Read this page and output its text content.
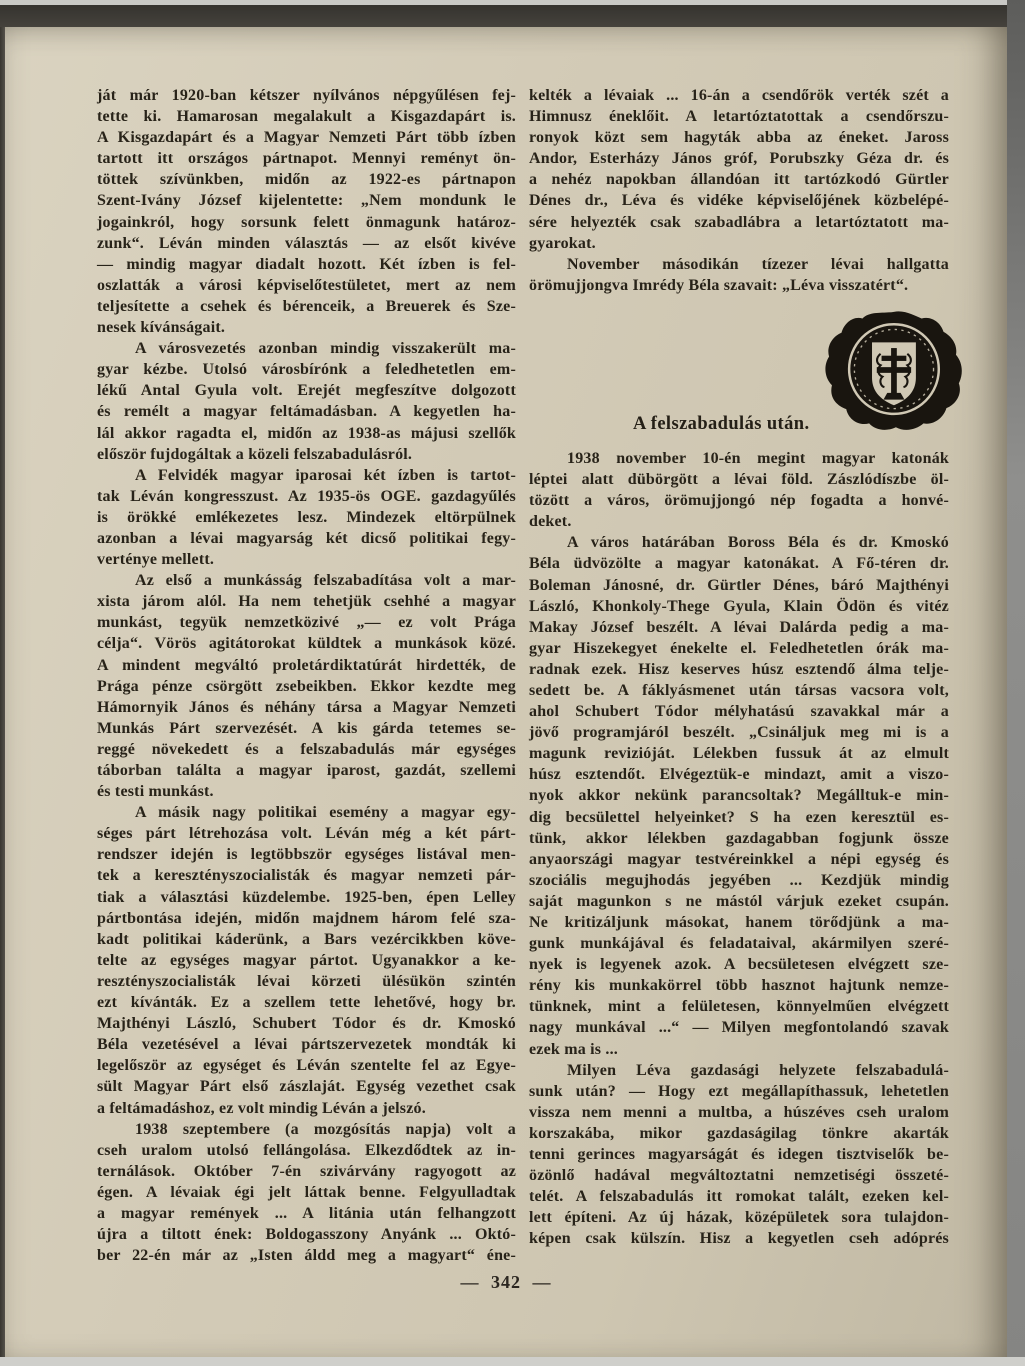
ját már 1920-ban kétszer nyílvános népgyűlésen fej-
tette ki. Hamarosan megalakult a Kisgazdapárt is.
A Kisgazdapárt és a Magyar Nemzeti Párt több ízben
tartott itt országos pártnapot. Mennyi reményt ön-
töttek szívünkben, midőn az 1922-es pártnapon
Szent-Ivány József kijelentette: „Nem mondunk le
jogainkról, hogy sorsunk felett önmagunk határoz-
zunk“. Léván minden választás — az elsőt kivéve
— mindig magyar diadalt hozott. Két ízben is fel-
oszlatták a városi képviselőtestületet, mert az nem
teljesítette a csehek és bérenceik, a Breuerek és Sze-
nesek kívánságait.
A városvezetés azonban mindig visszakerült ma-
gyar kézbe. Utolsó városbírónk a feledhetetlen em-
lékű Antal Gyula volt. Erejét megfeszítve dolgozott
és remélt a magyar feltámadásban. A kegyetlen ha-
lál akkor ragadta el, midőn az 1938-as májusi szellők
először fujdogáltak a közeli felszabadulásról.
A Felvidék magyar iparosai két ízben is tartot-
tak Léván kongresszust. Az 1935-ös OGE. gazdagyűlés
is örökké emlékezetes lesz. Mindezek eltörpülnek
azonban a lévai magyarság két dicső politikai fegy-
verténye mellett.
Az első a munkásság felszabadítása volt a mar-
xista járom alól. Ha nem tehetjük csehhé a magyar
munkást, tegyük nemzetközivé „— ez volt Prága
célja“. Vörös agitátorokat küldtek a munkások közé.
A mindent megváltó proletárdiktatúrát hirdették, de
Prága pénze csörgött zsebeikben. Ekkor kezdte meg
Hámornyik János és néhány társa a Magyar Nemzeti
Munkás Párt szervezését. A kis gárda tetemes se-
reggé növekedett és a felszabadulás már egységes
táborban találta a magyar iparost, gazdát, szellemi
és testi munkást.
A másik nagy politikai esemény a magyar egy-
séges párt létrehozása volt. Léván még a két párt-
rendszer idején is legtöbbször egységes listával men-
tek a keresztényszocialisták és magyar nemzeti pár-
tiak a választási küzdelembe. 1925-ben, épen Lelley
pártbontása idején, midőn majdnem három felé sza-
kadt politikai káderünk, a Bars vezércikkben köve-
telte az egységes magyar pártot. Ugyanakkor a ke-
resztényszocialisták lévai körzeti ülésükön szintén
ezt kívánták. Ez a szellem tette lehetővé, hogy br.
Majthényi László, Schubert Tódor és dr. Kmoskó
Béla vezetésével a lévai pártszervezetek mondták ki
legelőször az egységet és Léván szentelte fel az Egye-
sült Magyar Párt első zászlaját. Egység vezethet csak
a feltámadáshoz, ez volt mindig Léván a jelszó.
1938 szeptembere (a mozgósítás napja) volt a
cseh uralom utolsó fellángolása. Elkezdődtek az in-
ternálások. Október 7-én szivárvány ragyogott az
égen. A lévaiak égi jelt láttak benne. Felgyulladtak
a magyar remények ... A litánia után felhangzott
újra a tiltott ének: Boldogasszony Anyánk ... Októ-
ber 22-én már az „Isten áldd meg a magyart“ éne-
kelték a lévaiak ... 16-án a csendőrök verték szét a
Himnusz éneklőit. A letartóztatottak a csendőrszu-
ronyok közt sem hagyták abba az éneket. Jaross
Andor, Esterházy János gróf, Porubszky Géza dr. és
a nehéz napokban állandóan itt tartózkodó Gürtler
Dénes dr., Léva és vidéke képviselőjének közbelépé-
sére helyezték csak szabadlábra a letartóztatott ma-
gyarokat.
November másodikán tízezer lévai hallgatta
örömujjongva Imrédy Béla szavait: „Léva visszatért“.
A felszabadulás után.
1938 november 10-én megint magyar katonák
léptei alatt dübörgött a lévai föld. Zászlódíszbe öl-
tözött a város, örömujjongó nép fogadta a honvé-
deket.
A város határában Boross Béla és dr. Kmoskó
Béla üdvözölte a magyar katonákat. A Fő-téren dr.
Boleman Jánosné, dr. Gürtler Dénes, báró Majthényi
László, Khonkoly-Thege Gyula, Klain Ödön és vitéz
Makay József beszélt. A lévai Dalárda pedig a ma-
gyar Hiszekegyet énekelte el. Feledhetetlen órák ma-
radnak ezek. Hisz keserves húsz esztendő álma telje-
sedett be. A fáklyásmenet után társas vacsora volt,
ahol Schubert Tódor mélyhatású szavakkal már a
jövő programjáról beszélt. „Csináljuk meg mi is a
magunk revizióját. Lélekben fussuk át az elmult
húsz esztendőt. Elvégeztük-e mindazt, amit a viszo-
nyok akkor nekünk parancsoltak? Megálltuk-e min-
dig becsülettel helyeinket? S ha ezen keresztül es-
tünk, akkor lélekben gazdagabban fogjunk össze
anyaországi magyar testvéreinkkel a népi egység és
szociális megujhodás jegyében ... Kezdjük mindig
saját magunkon s ne mástól várjuk ezeket csupán.
Ne kritizáljunk másokat, hanem törődjünk a ma-
gunk munkájával és feladataival, akármilyen szeré-
nyek is legyenek azok. A becsületesen elvégzett sze-
rény kis munkakörrel több hasznot hajtunk nemze-
tünknek, mint a felületesen, könnyelműen elvégzett
nagy munkával ...“ — Milyen megfontolandó szavak
ezek ma is ...
Milyen Léva gazdasági helyzete felszabadulá-
sunk után? — Hogy ezt megállapíthassuk, lehetetlen
vissza nem menni a multba, a húszéves cseh uralom
korszakába, mikor gazdaságilag tönkre akarták
tenni gerinces magyarságát és idegen tisztviselők be-
özönlő hadával megváltoztatni nemzetiségi összeté-
telét. A felszabadulás itt romokat talált, ezeken kel-
lett építeni. Az új házak, középületek sora tulajdon-
képen csak külszín. Hisz a kegyetlen cseh adóprés
— 342 —
